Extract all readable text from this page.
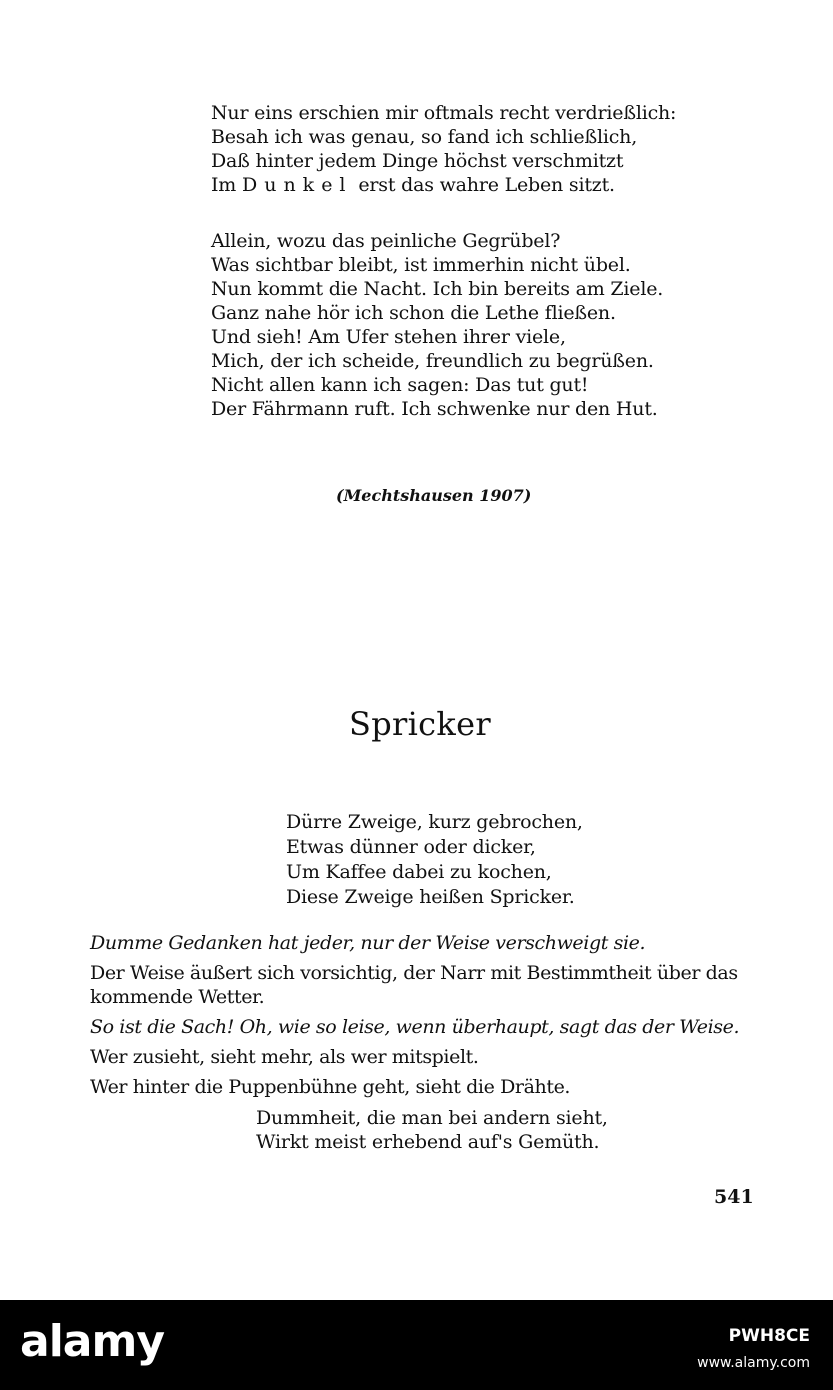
Nur eins erschien mir oftmals recht verdrießlich:
Besah ich was genau, so fand ich schließlich,
Daß hinter jedem Dinge höchst verschmitzt
Im Dunkel erst das wahre Leben sitzt.
Allein, wozu das peinliche Gegrübel?
Was sichtbar bleibt, ist immerhin nicht übel.
Nun kommt die Nacht. Ich bin bereits am Ziele.
Ganz nahe hör ich schon die Lethe fließen.
Und sieh! Am Ufer stehen ihrer viele,
Mich, der ich scheide, freundlich zu begrüßen.
Nicht allen kann ich sagen: Das tut gut!
Der Fährmann ruft. Ich schwenke nur den Hut.
(Mechtshausen 1907)
Spricker
Dürre Zweige, kurz gebrochen,
Etwas dünner oder dicker,
Um Kaffee dabei zu kochen,
Diese Zweige heißen Spricker.
Dumme Gedanken hat jeder, nur der Weise verschweigt sie.
Der Weise äußert sich vorsichtig, der Narr mit Bestimmtheit über das kommende Wetter.
So ist die Sach! Oh, wie so leise, wenn überhaupt, sagt das der Weise.
Wer zusieht, sieht mehr, als wer mitspielt.
Wer hinter die Puppenbühne geht, sieht die Drähte.
Dummheit, die man bei andern sieht,
Wirkt meist erhebend auf's Gemüth.
541
alamy	PWH8CE
www.alamy.com
